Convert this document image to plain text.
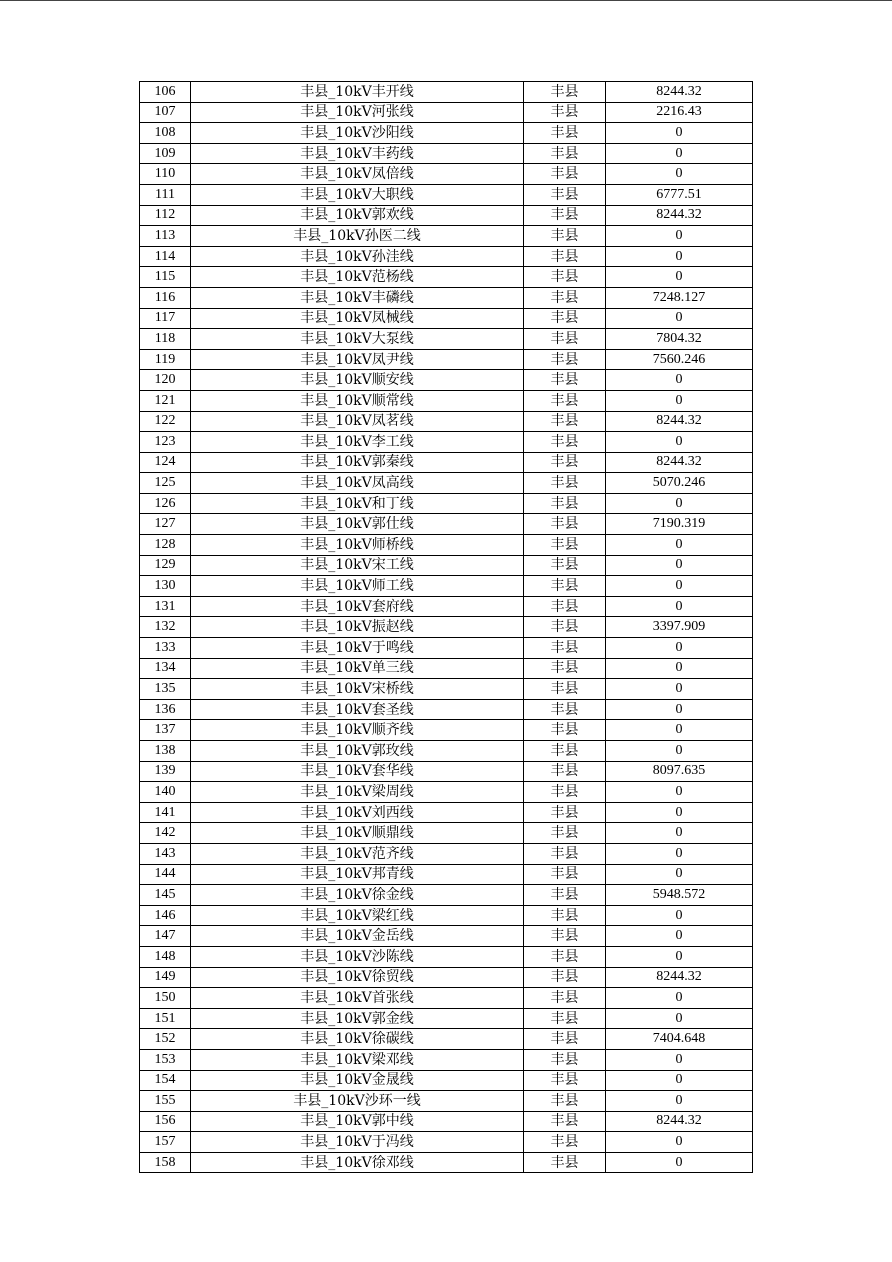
106	丰县_10kV丰开线	丰县	8244.32
107	丰县_10kV河张线	丰县	2216.43
108	丰县_10kV沙阳线	丰县	0
109	丰县_10kV丰药线	丰县	0
110	丰县_10kV凤倍线	丰县	0
111	丰县_10kV大职线	丰县	6777.51
112	丰县_10kV郭欢线	丰县	8244.32
113	丰县_10kV孙医二线	丰县	0
114	丰县_10kV孙洼线	丰县	0
115	丰县_10kV范杨线	丰县	0
116	丰县_10kV丰磷线	丰县	7248.127
117	丰县_10kV凤械线	丰县	0
118	丰县_10kV大泵线	丰县	7804.32
119	丰县_10kV凤尹线	丰县	7560.246
120	丰县_10kV顺安线	丰县	0
121	丰县_10kV顺常线	丰县	0
122	丰县_10kV凤茗线	丰县	8244.32
123	丰县_10kV李工线	丰县	0
124	丰县_10kV郭秦线	丰县	8244.32
125	丰县_10kV凤高线	丰县	5070.246
126	丰县_10kV和丁线	丰县	0
127	丰县_10kV郭仕线	丰县	7190.319
128	丰县_10kV师桥线	丰县	0
129	丰县_10kV宋工线	丰县	0
130	丰县_10kV师工线	丰县	0
131	丰县_10kV套府线	丰县	0
132	丰县_10kV振赵线	丰县	3397.909
133	丰县_10kV于鸣线	丰县	0
134	丰县_10kV单三线	丰县	0
135	丰县_10kV宋桥线	丰县	0
136	丰县_10kV套圣线	丰县	0
137	丰县_10kV顺齐线	丰县	0
138	丰县_10kV郭玫线	丰县	0
139	丰县_10kV套华线	丰县	8097.635
140	丰县_10kV梁周线	丰县	0
141	丰县_10kV刘西线	丰县	0
142	丰县_10kV顺鼎线	丰县	0
143	丰县_10kV范齐线	丰县	0
144	丰县_10kV邦青线	丰县	0
145	丰县_10kV徐金线	丰县	5948.572
146	丰县_10kV梁红线	丰县	0
147	丰县_10kV金岳线	丰县	0
148	丰县_10kV沙陈线	丰县	0
149	丰县_10kV徐贸线	丰县	8244.32
150	丰县_10kV首张线	丰县	0
151	丰县_10kV郭金线	丰县	0
152	丰县_10kV徐碳线	丰县	7404.648
153	丰县_10kV梁邓线	丰县	0
154	丰县_10kV金晟线	丰县	0
155	丰县_10kV沙环一线	丰县	0
156	丰县_10kV郭中线	丰县	8244.32
157	丰县_10kV于冯线	丰县	0
158	丰县_10kV徐邓线	丰县	0
